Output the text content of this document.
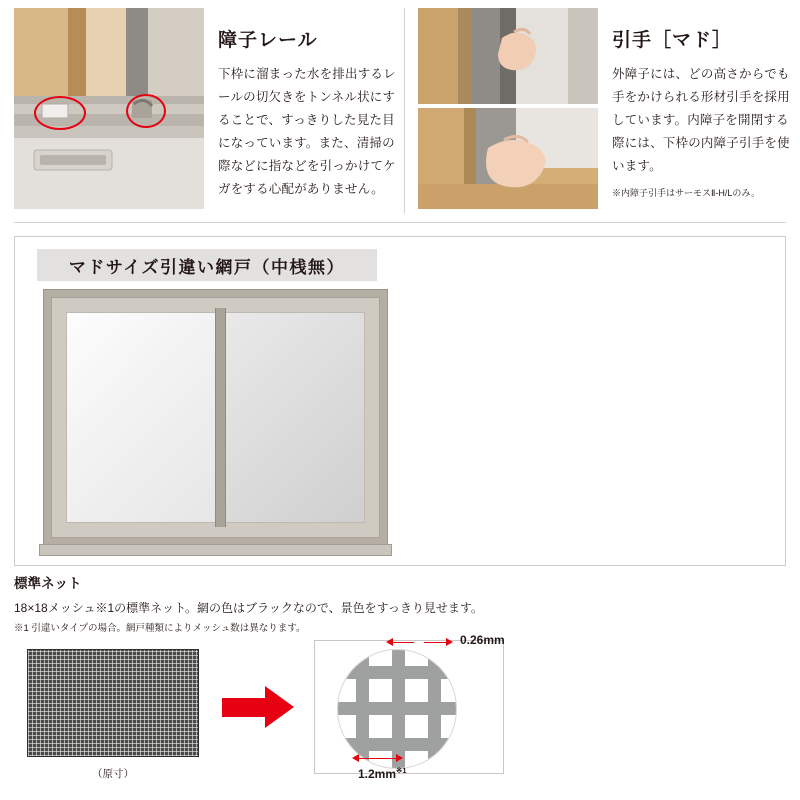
障子レール

下枠に溜まった水を排出するレールの切欠きをトンネル状にすることで、すっきりした見た目になっています。また、清掃の際などに指などを引っかけてケガをする心配がありません。

引手［マド］

外障子には、どの高さからでも手をかけられる形材引手を採用しています。内障子を開閉する際には、下枠の内障子引手を使います。

※内障子引手はサーモスⅡ-H/Lのみ。

マドサイズ引違い網戸（中桟無）
標準ネット

18×18メッシュ※1の標準ネット。網の色はブラックなので、景色をすっきり見せます。

※1 引違いタイプの場合。網戸種類によりメッシュ数は異なります。

（原寸）
0.26mm
$1.2mm^{※1}$
